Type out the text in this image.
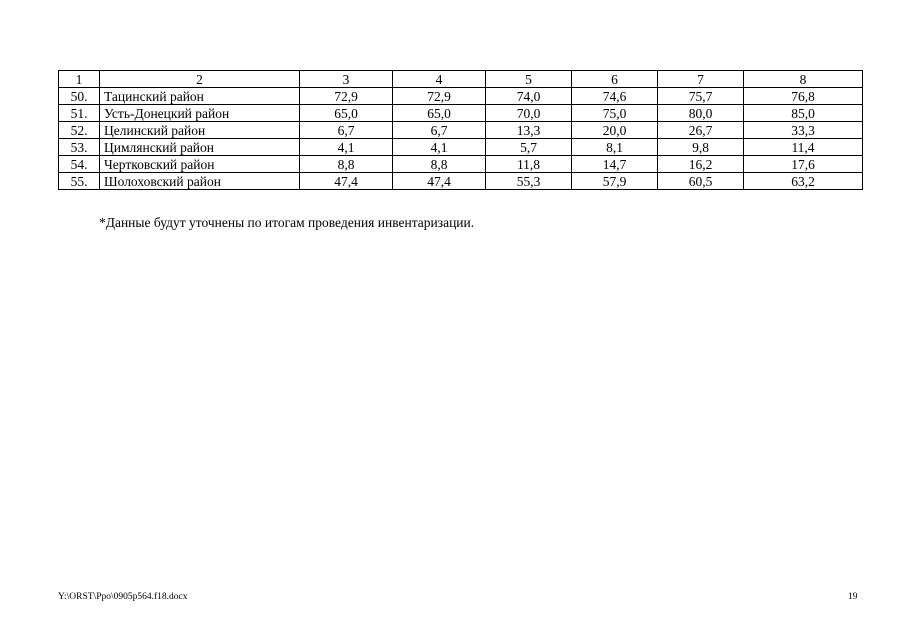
1	2	3	4	5	6	7	8
50.	Тацинский район	72,9	72,9	74,0	74,6	75,7	76,8
51.	Усть-Донецкий район	65,0	65,0	70,0	75,0	80,0	85,0
52.	Целинский район	6,7	6,7	13,3	20,0	26,7	33,3
53.	Цимлянский район	4,1	4,1	5,7	8,1	9,8	11,4
54.	Чертковский район	8,8	8,8	11,8	14,7	16,2	17,6
55.	Шолоховский район	47,4	47,4	55,3	57,9	60,5	63,2
*Данные будут уточнены по итогам проведения инвентаризации.
Y:\ORST\Ppo\0905p564.f18.docx	19
